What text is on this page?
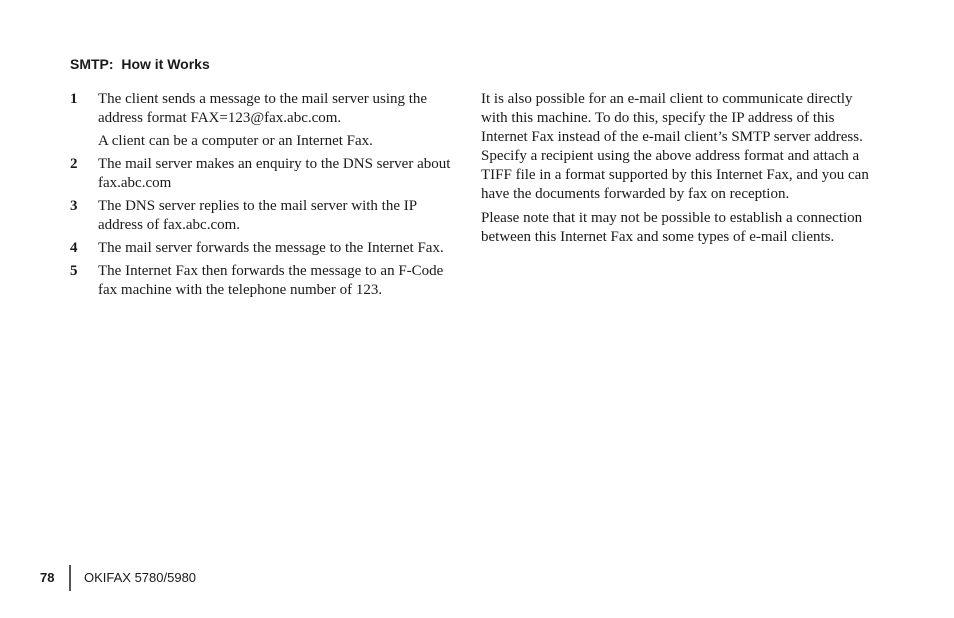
SMTP:  How it Works
1	The client sends a message to the mail server using the address format FAX=123@fax.abc.com.
A client can be a computer or an Internet Fax.
2	The mail server makes an enquiry to the DNS server about fax.abc.com
3	The DNS server replies to the mail server with the IP address of fax.abc.com.
4	The mail server forwards the message to the Internet Fax.
5	The Internet Fax then forwards the message to an F-Code fax machine with the telephone number of 123.

It is also possible for an e-mail client to communicate directly with this machine. To do this, specify the IP address of this Internet Fax instead of the e-mail client’s SMTP server address. Specify a recipient using the above address format and attach a TIFF file in a format supported by this Internet Fax, and you can have the documents forwarded by fax on reception.

Please note that it may not be possible to establish a connection between this Internet Fax and some types of e-mail clients.

78 OKIFAX 5780/5980
